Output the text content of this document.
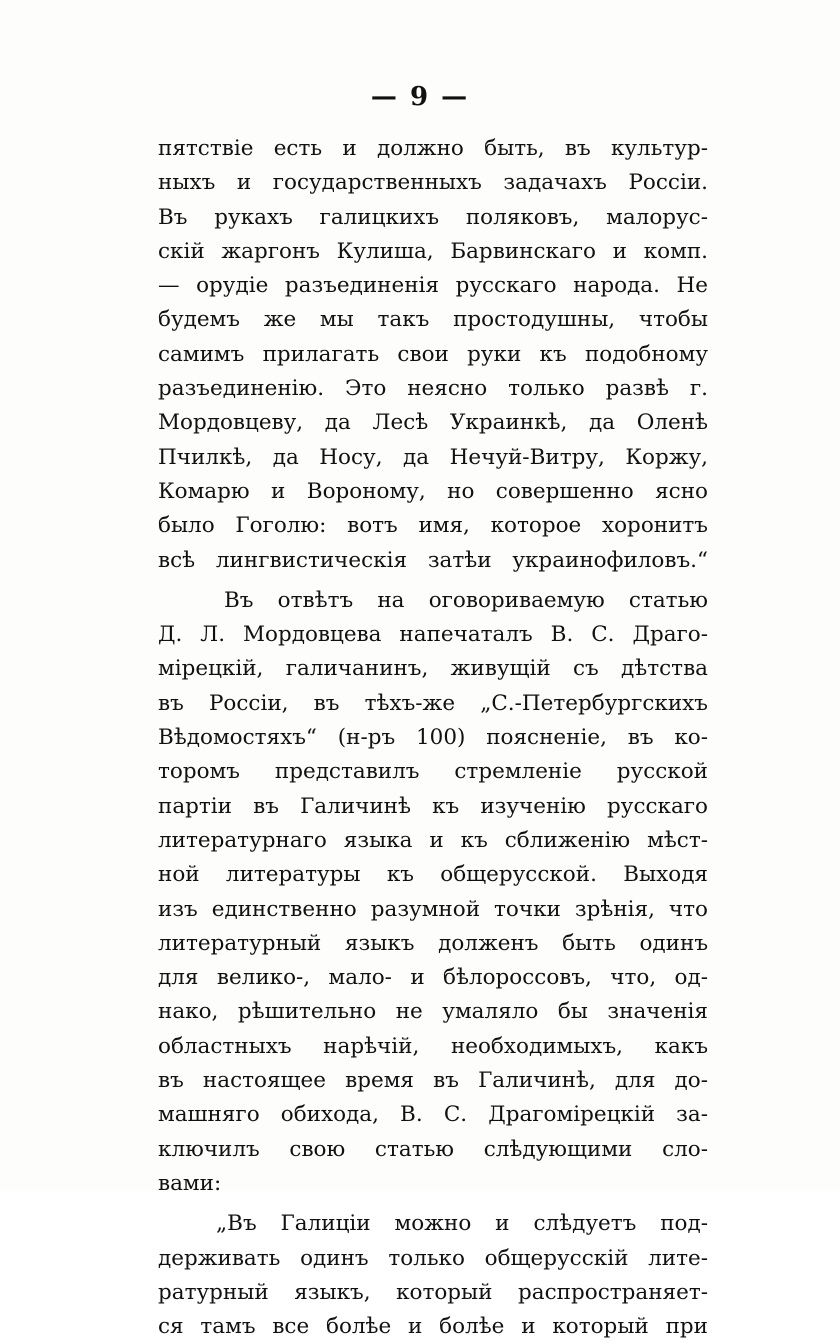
— 9 —
пятствіе есть и должно быть, въ культур-
ныхъ и государственныхъ задачахъ Россіи.
Въ рукахъ галицкихъ поляковъ, малорус-
скій жаргонъ Кулиша, Барвинскаго и комп.
— орудіе разъединенія русскаго народа. Не
будемъ же мы такъ простодушны, чтобы
самимъ прилагать свои руки къ подобному
разъединенію. Это неясно только развѣ г.
Мордовцеву, да Лесѣ Украинкѣ, да Оленѣ
Пчилкѣ, да Носу, да Нечуй-Витру, Коржу,
Комарю и Вороному, но совершенно ясно
было Гоголю: вотъ имя, которое хоронитъ
всѣ лингвистическія затѣи украинофиловъ.“
Въ отвѣтъ на оговориваемую статью
Д. Л. Мордовцева напечаталъ В. С. Драго-
мірецкій, галичанинъ, живущій съ дѣтства
въ Россіи, въ тѣхъ-же „С.-Петербургскихъ
Вѣдомостяхъ“ (н-ръ 100) поясненіе, въ ко-
торомъ представилъ стремленіе русской
партіи въ Галичинѣ къ изученію русскаго
литературнаго языка и къ сближенію мѣст-
ной литературы къ общерусской. Выходя
изъ единственно разумной точки зрѣнія, что
литературный языкъ долженъ быть одинъ
для велико-, мало- и бѣлороссовъ, что, од-
нако, рѣшительно не умаляло бы значенія
областныхъ нарѣчій, необходимыхъ, какъ
въ настоящее время въ Галичинѣ, для до-
машняго обихода, В. С. Драгомірецкій за-
ключилъ свою статью слѣдующими сло-
вами:
„Въ Галиціи можно и слѣдуетъ под-
держивать одинъ только общерусскій лите-
ратурный языкъ, который распространяет-
ся тамъ все болѣе и болѣе и который при
